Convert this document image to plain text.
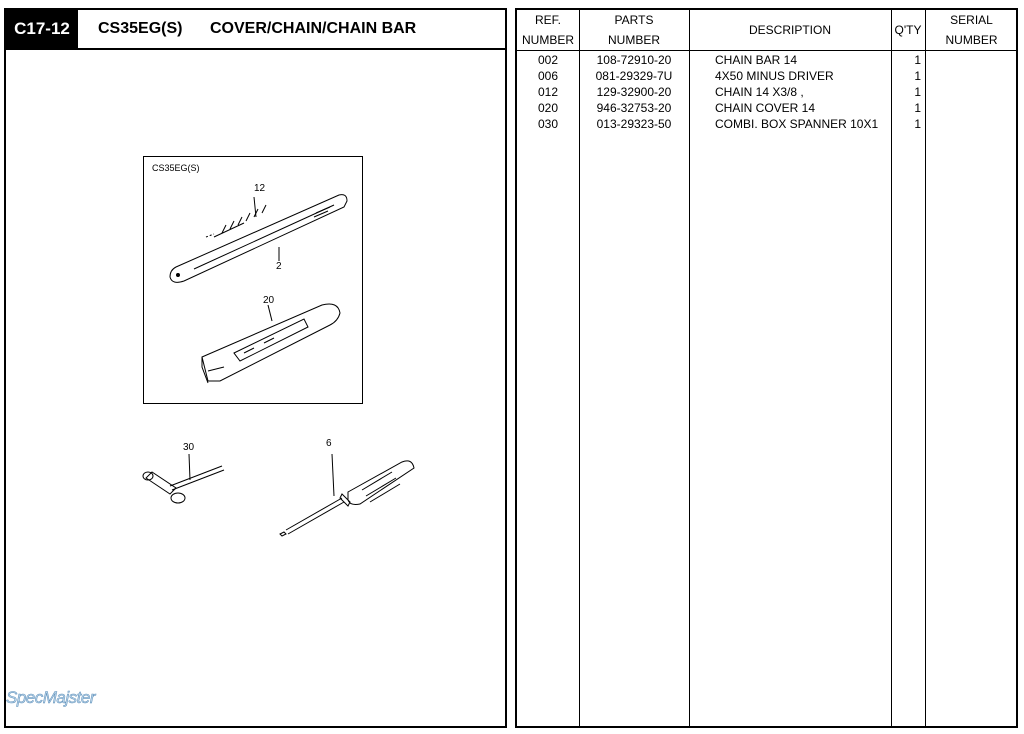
C17-12	CS35EG(S) COVER/CHAIN/CHAIN BAR
CS35EG(S)
12
2
20
30	6
SpecMajster
REF.
NUMBER
PARTS
NUMBER
DESCRIPTION	Q'TY
SERIAL
NUMBER
002	108-72910-20	CHAIN BAR 14	1
006	081-29329-7U	4X50 MINUS DRIVER	1
012	129-32900-20	CHAIN 14 X3/8 ,	1
020	946-32753-20	CHAIN COVER 14	1
030	013-29323-50	COMBI. BOX SPANNER 10X1	1
